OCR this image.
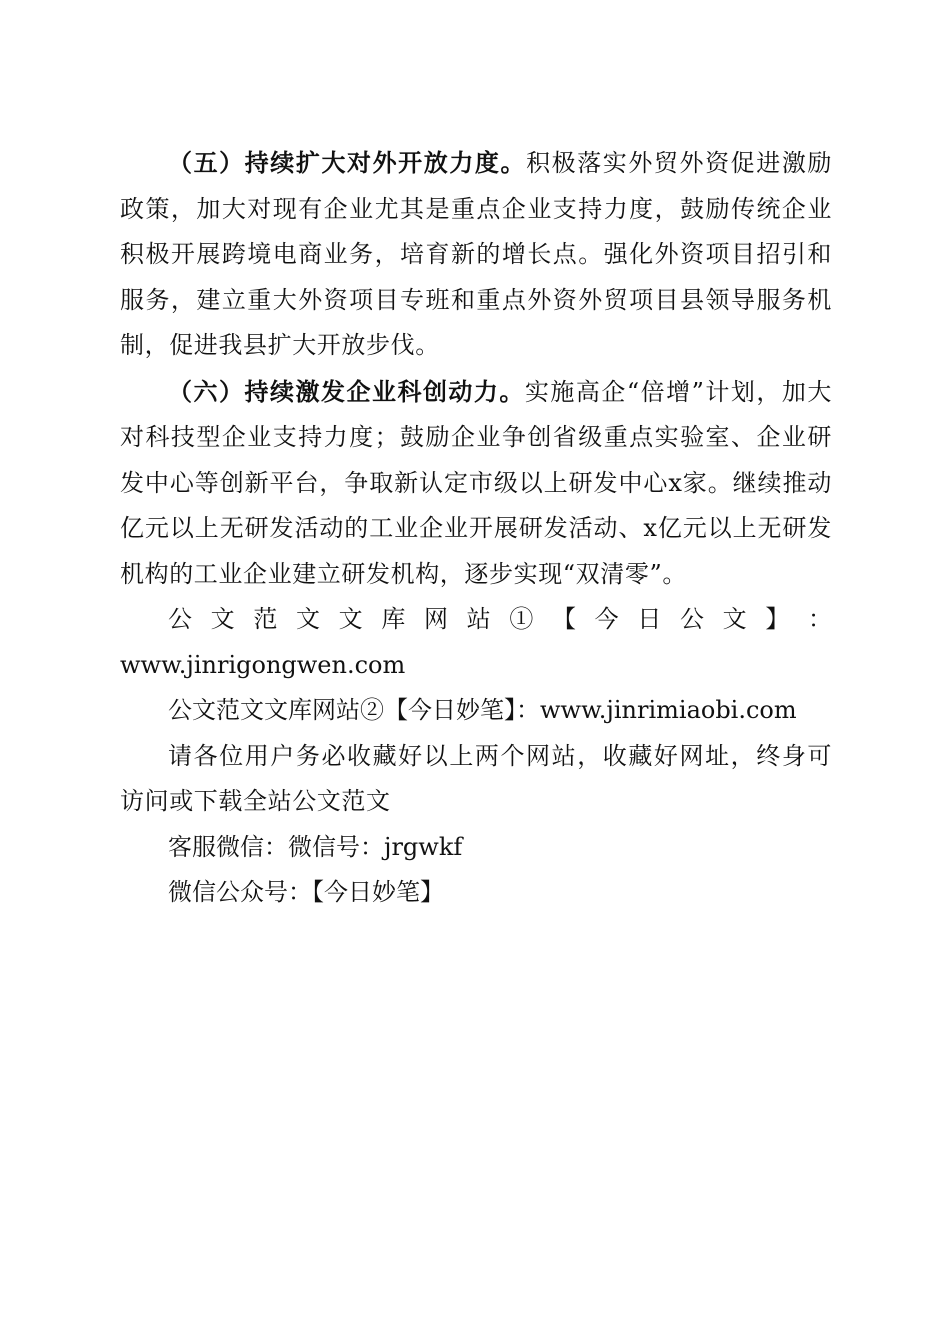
（五）持续扩大对外开放力度。积极落实外贸外资促进激励政策，加大对现有企业尤其是重点企业支持力度，鼓励传统企业积极开展跨境电商业务，培育新的增长点。强化外资项目招引和服务，建立重大外资项目专班和重点外资外贸项目县领导服务机制，促进我县扩大开放步伐。

（六）持续激发企业科创动力。实施高企“倍增”计划，加大对科技型企业支持力度；鼓励企业争创省级重点实验室、企业研发中心等创新平台，争取新认定市级以上研发中心x家。继续推动亿元以上无研发活动的工业企业开展研发活动、x亿元以上无研发机构的工业企业建立研发机构，逐步实现“双清零”。

公 文 范 文 文 库 网 站 ① 【 今 日 公 文 】 ：

www.jinrigongwen.com

公文范文文库网站②【今日妙笔】：www.jinrimiaobi.com

请各位用户务必收藏好以上两个网站，收藏好网址，终身可访问或下载全站公文范文

客服微信：微信号：jrgwkf

微信公众号：【今日妙笔】
